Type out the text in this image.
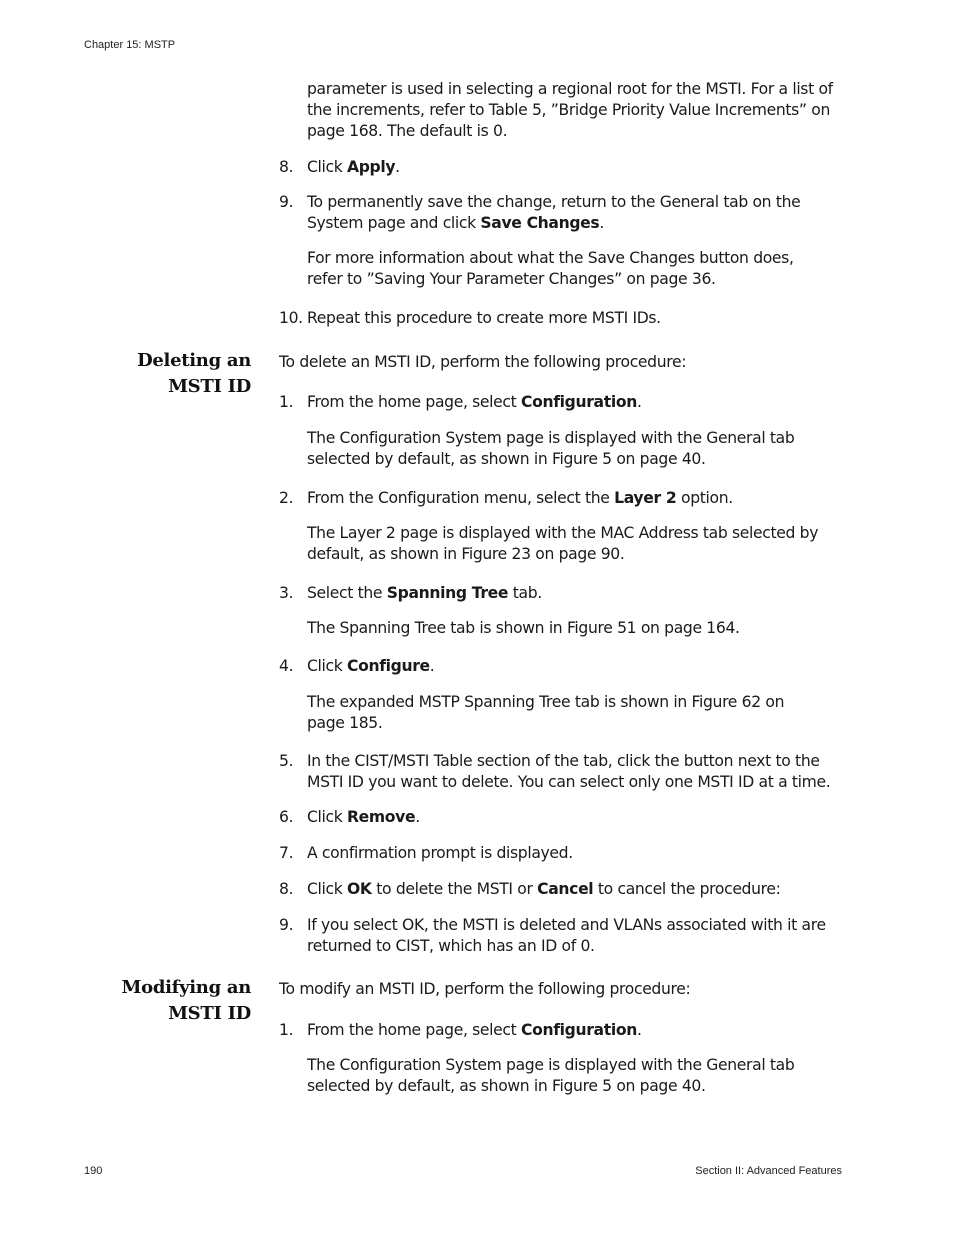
Chapter 15: MSTP
parameter is used in selecting a regional root for the MSTI. For a list of the increments, refer to Table 5, ”Bridge Priority Value Increments” on page 168. The default is 0.
8. Click Apply.
9. To permanently save the change, return to the General tab on the System page and click Save Changes.
For more information about what the Save Changes button does, refer to ”Saving Your Parameter Changes” on page 36.
10. Repeat this procedure to create more MSTI IDs.
Deleting an
MSTI ID
To delete an MSTI ID, perform the following procedure:
1. From the home page, select Configuration.
The Configuration System page is displayed with the General tab selected by default, as shown in Figure 5 on page 40.
2. From the Configuration menu, select the Layer 2 option.
The Layer 2 page is displayed with the MAC Address tab selected by default, as shown in Figure 23 on page 90.
3. Select the Spanning Tree tab.
The Spanning Tree tab is shown in Figure 51 on page 164.
4. Click Configure.
The expanded MSTP Spanning Tree tab is shown in Figure 62 on page 185.
5. In the CIST/MSTI Table section of the tab, click the button next to the MSTI ID you want to delete. You can select only one MSTI ID at a time.
6. Click Remove.
7. A confirmation prompt is displayed.
8. Click OK to delete the MSTI or Cancel to cancel the procedure:
9. If you select OK, the MSTI is deleted and VLANs associated with it are returned to CIST, which has an ID of 0.
Modifying an
MSTI ID
To modify an MSTI ID, perform the following procedure:
1. From the home page, select Configuration.
The Configuration System page is displayed with the General tab selected by default, as shown in Figure 5 on page 40.
190	Section II: Advanced Features
